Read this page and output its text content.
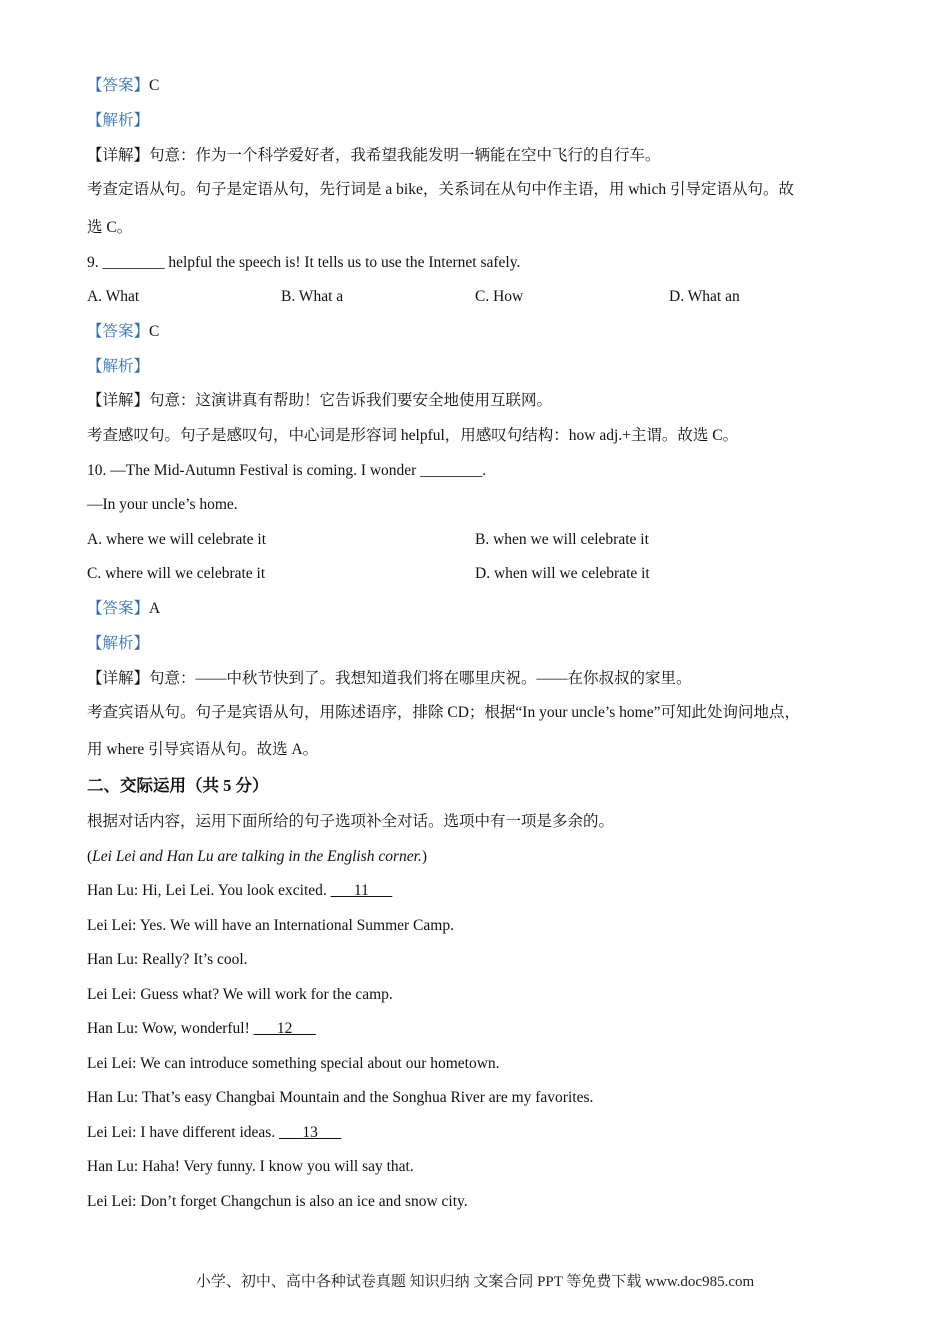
【答案】C
【解析】
【详解】句意：作为一个科学爱好者，我希望我能发明一辆能在空中飞行的自行车。
考查定语从句。句子是定语从句，先行词是 a bike，关系词在从句中作主语，用 which 引导定语从句。故
选 C。
9. ________ helpful the speech is! It tells us to use the Internet safely.
A. What	B. What a	C. How	D. What an
【答案】C
【解析】
【详解】句意：这演讲真有帮助！它告诉我们要安全地使用互联网。
考查感叹句。句子是感叹句，中心词是形容词 helpful，用感叹句结构：how adj.+主谓。故选 C。
10. —The Mid-Autumn Festival is coming. I wonder ________.
—In your uncle’s home.
A. where we will celebrate it	B. when we will celebrate it
C. where will we celebrate it	D. when will we celebrate it
【答案】A
【解析】
【详解】句意：——中秋节快到了。我想知道我们将在哪里庆祝。——在你叔叔的家里。
考查宾语从句。句子是宾语从句，用陈述语序，排除 CD；根据“In your uncle’s home”可知此处询问地点，
用 where 引导宾语从句。故选 A。
二、交际运用（共 5 分）
根据对话内容，运用下面所给的句子选项补全对话。选项中有一项是多余的。
(Lei Lei and Han Lu are talking in the English corner.)
Han Lu: Hi, Lei Lei. You look excited. ___11___
Lei Lei: Yes. We will have an International Summer Camp.
Han Lu: Really? It’s cool.
Lei Lei: Guess what? We will work for the camp.
Han Lu: Wow, wonderful! ___12___
Lei Lei: We can introduce something special about our hometown.
Han Lu: That’s easy Changbai Mountain and the Songhua River are my favorites.
Lei Lei: I have different ideas. ___13___
Han Lu: Haha! Very funny. I know you will say that.
Lei Lei: Don’t forget Changchun is also an ice and snow city.
小学、初中、高中各种试卷真题 知识归纳 文案合同 PPT 等免费下载 www.doc985.com
